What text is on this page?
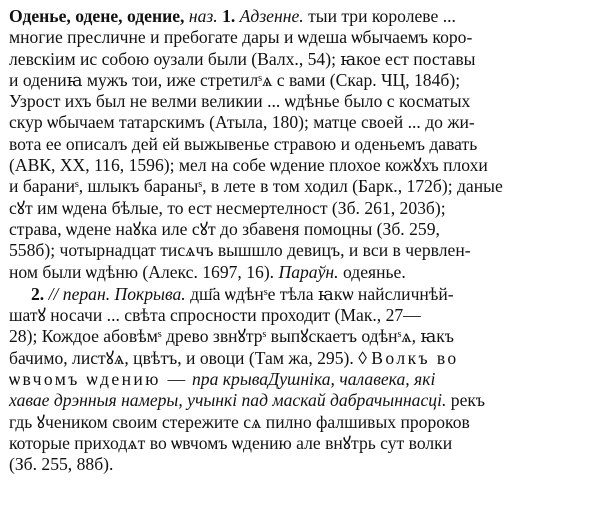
Оденье, одене, одение, наз. 1. Адзенне. тыи три королеве ...
многие пресличне и пребогате дары и ѡдеша ѡбычаемъ коро-
левскіим ис собою оузали были (Валх., 54); ꙗкое ест поставы
и одениꙗ мужъ тои, иже стретилˢѧ с вами (Скар. ЧЦ, 184б);
Узрост ихъ был не велми великии ... ѡдѣнье было с косматых
скур ѡбычаем татарскимъ (Атыла, 180); матце своей ... до жи-
вота ее описалъ дей ей выжывенье стравою и оденьемъ давать
(АВК, XX, 116, 1596); мел на собе ѡдение плохое кожꙋхъ плохи
и бараниˢ, шлыкъ бараныˢ, в лете в том ходил (Барк., 172б); даные
сꙋт им ѡдена бѣлые, то ест несмертелност (Зб. 261, 203б);
страва, ѡдене наꙋка иле сꙋт до збавеня помоцны (Зб. 259,
558б); чотырнадцат тисѧчъ вышшло девицъ, и вси в червлен-
ном были ѡдѣню (Алекс. 1697, 16). Параўн. одеяньe.

2. // перан. Покрыва. дш҃а ѡдѣнˢе тѣла ꙗкѡ найсличнѣй-
шатꙋ носачи ... свѣта спросности проходит (Мак., 27—
28); Кождое абовѣмˢ древо звнꙋтрˢ выпꙋскаетъ одѣнˢѧ, ꙗкъ
бачимо, листꙋѧ, цвѣтъ, и овоци (Там жа, 295). ◊ Волкъ во
ѡвчомъ ѡдению — пра крываДушніка, чалавека, які
хавае дрэнныя намеры, учынкі пад маскай дабрачыннасці. рекъ
гдь ꙋчеником своим стережите сѧ пилно фалшивых пророков
которые приходѧт во ѡвчомъ ѡдению але внꙋтрь сут волки
(Зб. 255, 88б).
